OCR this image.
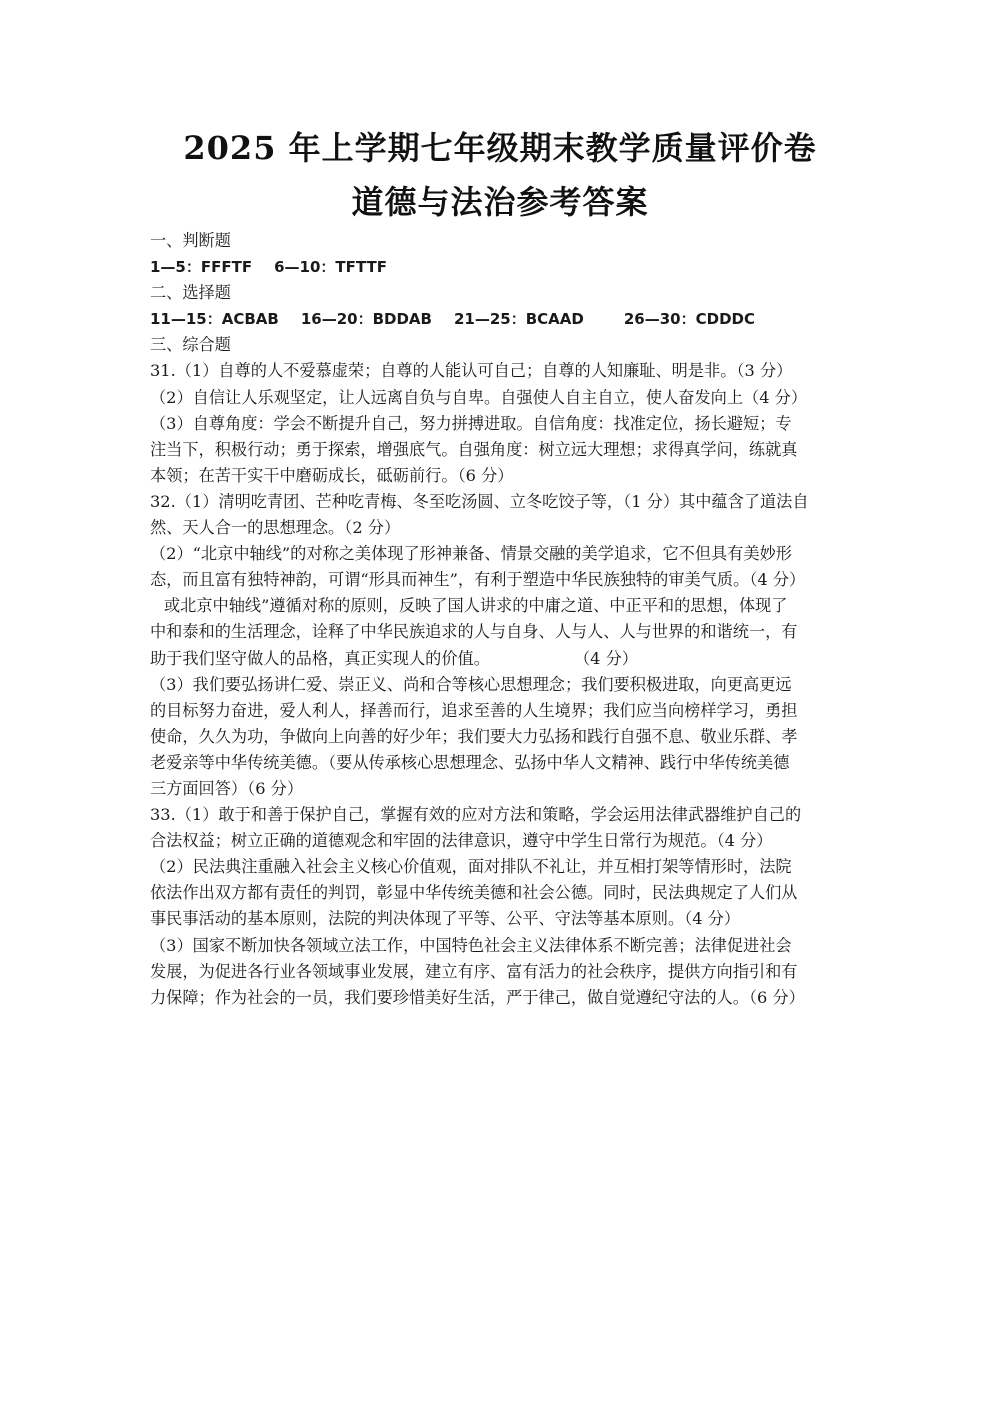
2025 年上学期七年级期末教学质量评价卷
道德与法治参考答案
一、判断题
1—5：FFFTF 6—10：TFTTF
二、选择题
11—15：ACBAB 16—20：BDDAB 21—25：BCAAD	26—30：CDDDC
三、综合题
31.（1）自尊的人不爱慕虚荣；自尊的人能认可自己；自尊的人知廉耻、明是非。（3 分）
（2）自信让人乐观坚定，让人远离自负与自卑。自强使人自主自立，使人奋发向上（4 分）
（3）自尊角度：学会不断提升自己，努力拼搏进取。自信角度：找准定位，扬长避短；专
注当下，积极行动；勇于探索，增强底气。自强角度：树立远大理想；求得真学问，练就真
本领；在苦干实干中磨砺成长，砥砺前行。（6 分）
32.（1）清明吃青团、芒种吃青梅、冬至吃汤圆、立冬吃饺子等，（1 分）其中蕴含了道法自
然、天人合一的思想理念。（2 分）
（2）“北京中轴线”的对称之美体现了形神兼备、情景交融的美学追求，它不但具有美妙形
态，而且富有独特神韵，可谓“形具而神生”，有利于塑造中华民族独特的审美气质。（4 分）
或北京中轴线”遵循对称的原则，反映了国人讲求的中庸之道、中正平和的思想，体现了
中和泰和的生活理念，诠释了中华民族追求的人与自身、人与人、人与世界的和谐统一，有
助于我们坚守做人的品格，真正实现人的价值。	（4 分）
（3）我们要弘扬讲仁爱、崇正义、尚和合等核心思想理念；我们要积极进取，向更高更远
的目标努力奋进，爱人利人，择善而行，追求至善的人生境界；我们应当向榜样学习，勇担
使命，久久为功，争做向上向善的好少年；我们要大力弘扬和践行自强不息、敬业乐群、孝
老爱亲等中华传统美德。（要从传承核心思想理念、弘扬中华人文精神、践行中华传统美德
三方面回答）（6 分）
33.（1）敢于和善于保护自己，掌握有效的应对方法和策略，学会运用法律武器维护自己的
合法权益；树立正确的道德观念和牢固的法律意识，遵守中学生日常行为规范。（4 分）
（2）民法典注重融入社会主义核心价值观，面对排队不礼让，并互相打架等情形时，法院
依法作出双方都有责任的判罚，彰显中华传统美德和社会公德。同时，民法典规定了人们从
事民事活动的基本原则，法院的判决体现了平等、公平、守法等基本原则。（4 分）
（3）国家不断加快各领域立法工作，中国特色社会主义法律体系不断完善；法律促进社会
发展，为促进各行业各领域事业发展，建立有序、富有活力的社会秩序，提供方向指引和有
力保障；作为社会的一员，我们要珍惜美好生活，严于律己，做自觉遵纪守法的人。（6 分）
